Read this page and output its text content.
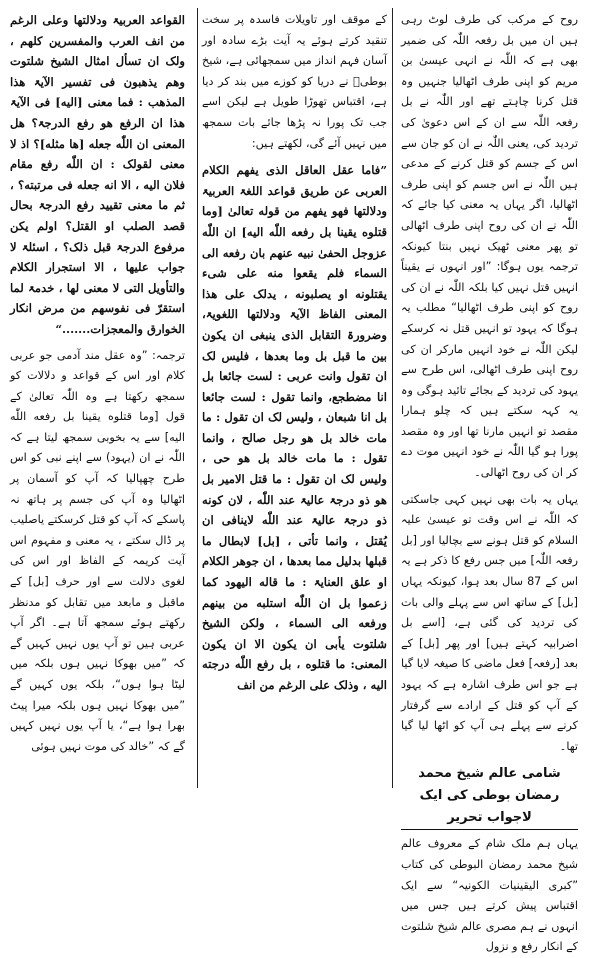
روح کے مرکب کی طرف لوٹ رہی ہیں ان میں بل رفعہ اللّٰہ کی ضمیر بھی ہے کہ اللّٰہ نے انہی عیسیٰ بن مریم کو اپنی طرف اٹھالیا جنہیں وہ قتل کرنا چاہتے تھے اور اللّٰہ نے بل رفعہ اللّٰہ سے ان کے اس دعویٰ کی تردید کی، یعنی اللّٰہ نے ان کو جان سے اس کے جسم کو قتل کرنے کے مدعی ہیں اللّٰہ نے اس جسم کو اپنی طرف اٹھالیا، اگر یہاں یہ معنی کیا جائے کہ اللّٰہ نے ان کی روح اپنی طرف اٹھالی تو پھر معنی ٹھیک نہیں بنتا کیونکہ ترجمہ یوں ہوگا: ”اور انہوں نے یقیناً انہیں قتل نہیں کیا بلکہ اللّٰہ نے ان کی روح کو اپنی طرف اٹھالیا“ مطلب یہ ہوگا کہ یہود تو انہیں قتل نہ کرسکے لیکن اللّٰہ نے خود انہیں مارکر ان کی روح اپنی طرف اٹھالی، اس طرح سے یہود کی تردید کے بجائے تائید ہوگی وہ یہ کہہ سکتے ہیں کہ چلو ہمارا مقصد تو انہیں مارنا تھا اور وہ مقصد پورا ہو گیا اللّٰہ نے خود انہیں موت دے کر ان کی روح اٹھالی۔

یہاں یہ بات بھی نہیں کہی جاسکتی کہ اللّٰہ نے اس وقت تو عیسیٰ علیہ السلام کو قتل ہونے سے بچالیا اور [بل رفعہ اللّٰہ] میں جس رفع کا ذکر ہے یہ اس کے 87 سال بعد ہوا، کیونکہ یہاں [بل] کے ساتھ اس سے پہلے والی بات کی تردید کی گئی ہے، [اسے بل اضرابیہ کہتے ہیں] اور پھر [بل] کے بعد [رفعہ] فعل ماضی کا صیغہ لایا گیا ہے جو اس طرف اشارہ ہے کہ یہود کے آپ کو قتل کے ارادے سے گرفتار کرنے سے پہلے ہی آپ کو اٹھا لیا گیا تھا۔

شامی عالم شیخ محمد رمضان بوطی کی ایک لاجواب تحریر

یہاں ہم ملک شام کے معروف عالم شیخ محمد رمضان البوطی کی کتاب ”کبری الیقینیات الکونیہ“ سے ایک اقتباس پیش کرتے ہیں جس میں انہوں نے ہم مصری عالم شیخ شلتوت کے انکار رفع و نزول

کے موقف اور تاویلات فاسدہ پر سخت تنقید کرتے ہوئے یہ آیت بڑے سادہ اور آسان فہم انداز میں سمجھائی ہے، شیخ بوطیؒ نے دریا کو کوزے میں بند کر دیا ہے، اقتباس تھوڑا طویل ہے لیکن اسے جب تک پورا نہ پڑھا جائے بات سمجھ میں نہیں آئے گی، لکھتے ہیں:

”فاما عقل العاقل الذی یفهم الکلام العربی عن طریق قواعد اللغۃ العربیۃ ودلالتها فهو یفهم من قوله تعالیٰ [وما قتلوه یقینا بل رفعه اللّٰه الیه] ان اللّٰه عزوجل الحفیٰ نبیه عنهم بان رفعه الی السماء فلم یقعوا منه علی شیء یقتلونه او یصلبونه ، یدلک علی هذا المعنی الفاظ الآیۃ ودلالتها اللغویۃ، وضرورۃ التقابل الذی ینبغی ان یکون بین ما قبل بل وما بعدها ، فلیس لک ان تقول وانت عربی : لست جائعا بل انا مضطجع، وانما تقول : لست جائعا بل انا شبعان ، ولیس لک ان تقول : ما مات خالد بل هو رجل صالح ، وانما تقول : ما مات خالد بل هو حی ، ولیس لک ان تقول : ما قتل الامیر بل هو ذو درجۃ عالیۃ عند اللّٰه ، لان کونه ذو درجۃ عالیۃ عند اللّٰه لاینافی ان یُقتل ، وانما تأتی ، [بل] لابطال ما قبلها بدلیل مما بعدها ، ان جوهر الکلام او علق العنایۃ : ما قاله الیهود کما زعموا بل ان اللّٰه استلبه من بینهم ورفعه الی السماء ، ولکن الشیخ شلتوت یأبی ان یکون الا ان یکون المعنی: ما قتلوه ، بل رفع اللّٰه درجته الیه ، وذلک علی الرغم من انف

القواعد العربیۃ ودلالتها وعلی الرغم من انف العرب والمفسرین کلهم ، ولک ان تسأل امثال الشیخ شلتوت وهم یذهبون فی تفسیر الآیۃ هذا المذهب : فما معنی [الیه] فی الآیۃ هذا ان الرفع هو رفع الدرجۃ؟ هل المعنی ان اللّٰه جعله [ها مثله]؟ اذ لا معنی لقولک : ان اللّٰه رفع مقام فلان الیه ، الا انه جعله فی مرتبته؟ ، ثم ما معنی تقیید رفع الدرجۃ بحال قصد الصلب او القتل؟ اولم یکن مرفوع الدرجۃ قبل ذلک؟ ، اسئلۃ لا جواب علیها ، الا استجرار الکلام والتأویل التی لا معنی لها ، خدمۃ لما استقرّ فی نفوسهم من مرض انکار الخوارق والمعجزات.......“

ترجمہ: ”وہ عقل مند آدمی جو عربی کلام اور اس کے قواعد و دلالات کو سمجھ رکھتا ہے وہ اللّٰہ تعالیٰ کے قول [وما قتلوه یقینا بل رفعه اللّٰه الیه] سے یہ بخوبی سمجھ لیتا ہے کہ اللّٰہ نے ان (یہود) سے اپنے نبی کو اس طرح چھپالیا کہ آپ کو آسمان پر اٹھالیا وہ آپ کی جسم پر ہاتھ نہ پاسکے کہ آپ کو قتل کرسکتے یاصلیب پر ڈال سکتے ، یہ معنی و مفہوم اس آیت کریمہ کے الفاظ اور اس کی لغوی دلالت سے اور حرف [بل] کے ماقبل و مابعد میں تقابل کو مدنظر رکھتے ہوئے سمجھ آتا ہے۔ اگر آپ عربی ہیں تو آپ یوں نہیں کہیں گے کہ ”میں بھوکا نہیں ہوں بلکہ میں لیٹا ہوا ہوں“، بلکہ یوں کہیں گے ”میں بھوکا نہیں ہوں بلکہ میرا پیٹ بھرا ہوا ہے“، یا آپ یوں نہیں کہیں گے کہ ”خالد کی موت نہیں ہوئی
